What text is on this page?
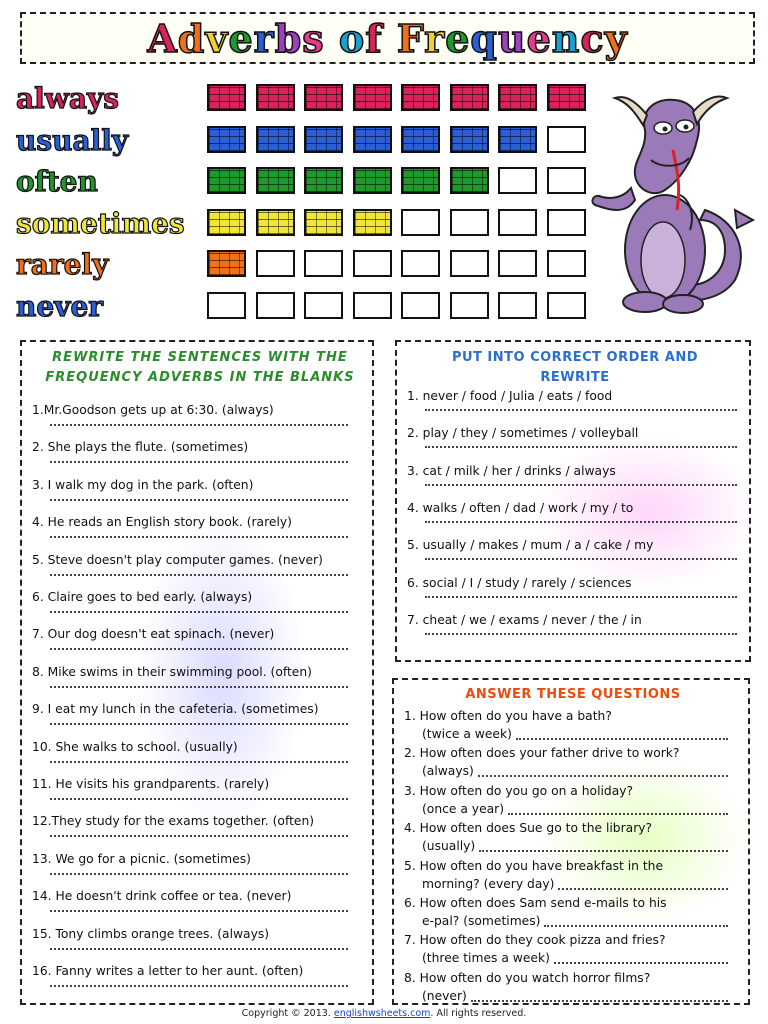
Adverbs of Frequency
always
usually
often
sometimes
rarely
never
REWRITE THE SENTENCES WITH THE
FREQUENCY ADVERBS IN THE BLANKS
1.Mr.Goodson gets up at 6:30. (always)
2. She plays the flute. (sometimes)
3. I walk my dog in the park. (often)
4. He reads an English story book. (rarely)
5. Steve doesn't play computer games. (never)
6. Claire goes to bed early. (always)
7. Our dog doesn't eat spinach. (never)
8. Mike swims in their swimming pool. (often)
9. I eat my lunch in the cafeteria. (sometimes)
10. She walks to school. (usually)
11. He visits his grandparents. (rarely)
12.They study for the exams together. (often)
13. We go for a picnic. (sometimes)
14. He doesn't drink coffee or tea. (never)
15. Tony climbs orange trees. (always)
16. Fanny writes a letter to her aunt. (often)
PUT INTO CORRECT ORDER AND
REWRITE
1. never / food / Julia / eats / food
2. play / they / sometimes / volleyball
3. cat / milk / her / drinks / always
4. walks / often / dad / work / my / to
5. usually / makes / mum / a / cake / my
6. social / I / study / rarely / sciences
7. cheat / we / exams / never / the / in
ANSWER THESE QUESTIONS
1. How often do you have a bath?
(twice a week)
2. How often does your father drive to work?
(always)
3. How often do you go on a holiday?
(once a year)
4. How often does Sue go to the library?
(usually)
5. How often do you have breakfast in the
morning? (every day)
6. How often does Sam send e-mails to his
e-pal? (sometimes)
7. How often do they cook pizza and fries?
(three times a week)
8. How often do you watch horror films?
(never)
Copyright © 2013. englishwsheets.com. All rights reserved.
